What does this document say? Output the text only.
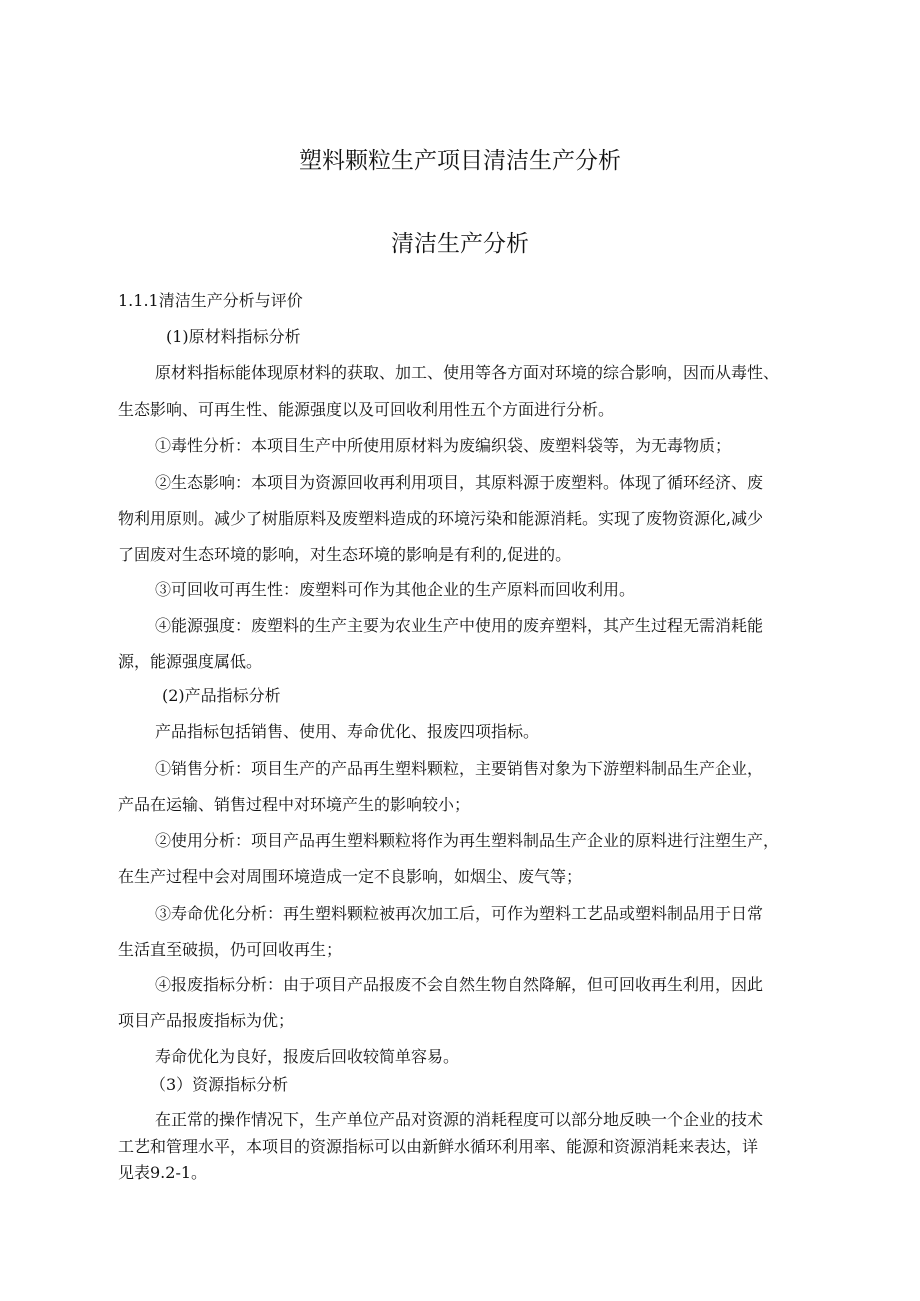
塑料颗粒生产项目清洁生产分析
清洁生产分析
1.1.1清洁生产分析与评价
(1)原材料指标分析
原材料指标能体现原材料的获取、加工、使用等各方面对环境的综合影响，因而从毒性、
生态影响、可再生性、能源强度以及可回收利用性五个方面进行分析。
①毒性分析：本项目生产中所使用原材料为废编织袋、废塑料袋等，为无毒物质；
②生态影响：本项目为资源回收再利用项目，其原料源于废塑料。体现了循环经济、废
物利用原则。减少了树脂原料及废塑料造成的环境污染和能源消耗。实现了废物资源化,减少
了固废对生态环境的影响，对生态环境的影响是有利的,促进的。
③可回收可再生性：废塑料可作为其他企业的生产原料而回收利用。
④能源强度：废塑料的生产主要为农业生产中使用的废弃塑料，其产生过程无需消耗能
源，能源强度属低。
(2)产品指标分析
产品指标包括销售、使用、寿命优化、报废四项指标。
①销售分析：项目生产的产品再生塑料颗粒，主要销售对象为下游塑料制品生产企业，
产品在运输、销售过程中对环境产生的影响较小；
②使用分析：项目产品再生塑料颗粒将作为再生塑料制品生产企业的原料进行注塑生产，
在生产过程中会对周围环境造成一定不良影响，如烟尘、废气等；
③寿命优化分析：再生塑料颗粒被再次加工后，可作为塑料工艺品或塑料制品用于日常
生活直至破损，仍可回收再生；
④报废指标分析：由于项目产品报废不会自然生物自然降解，但可回收再生利用，因此
项目产品报废指标为优；
寿命优化为良好，报废后回收较简单容易。
（3）资源指标分析
在正常的操作情况下，生产单位产品对资源的消耗程度可以部分地反映一个企业的技术
工艺和管理水平，本项目的资源指标可以由新鲜水循环利用率、能源和资源消耗来表达，详
见表9.2-1。
